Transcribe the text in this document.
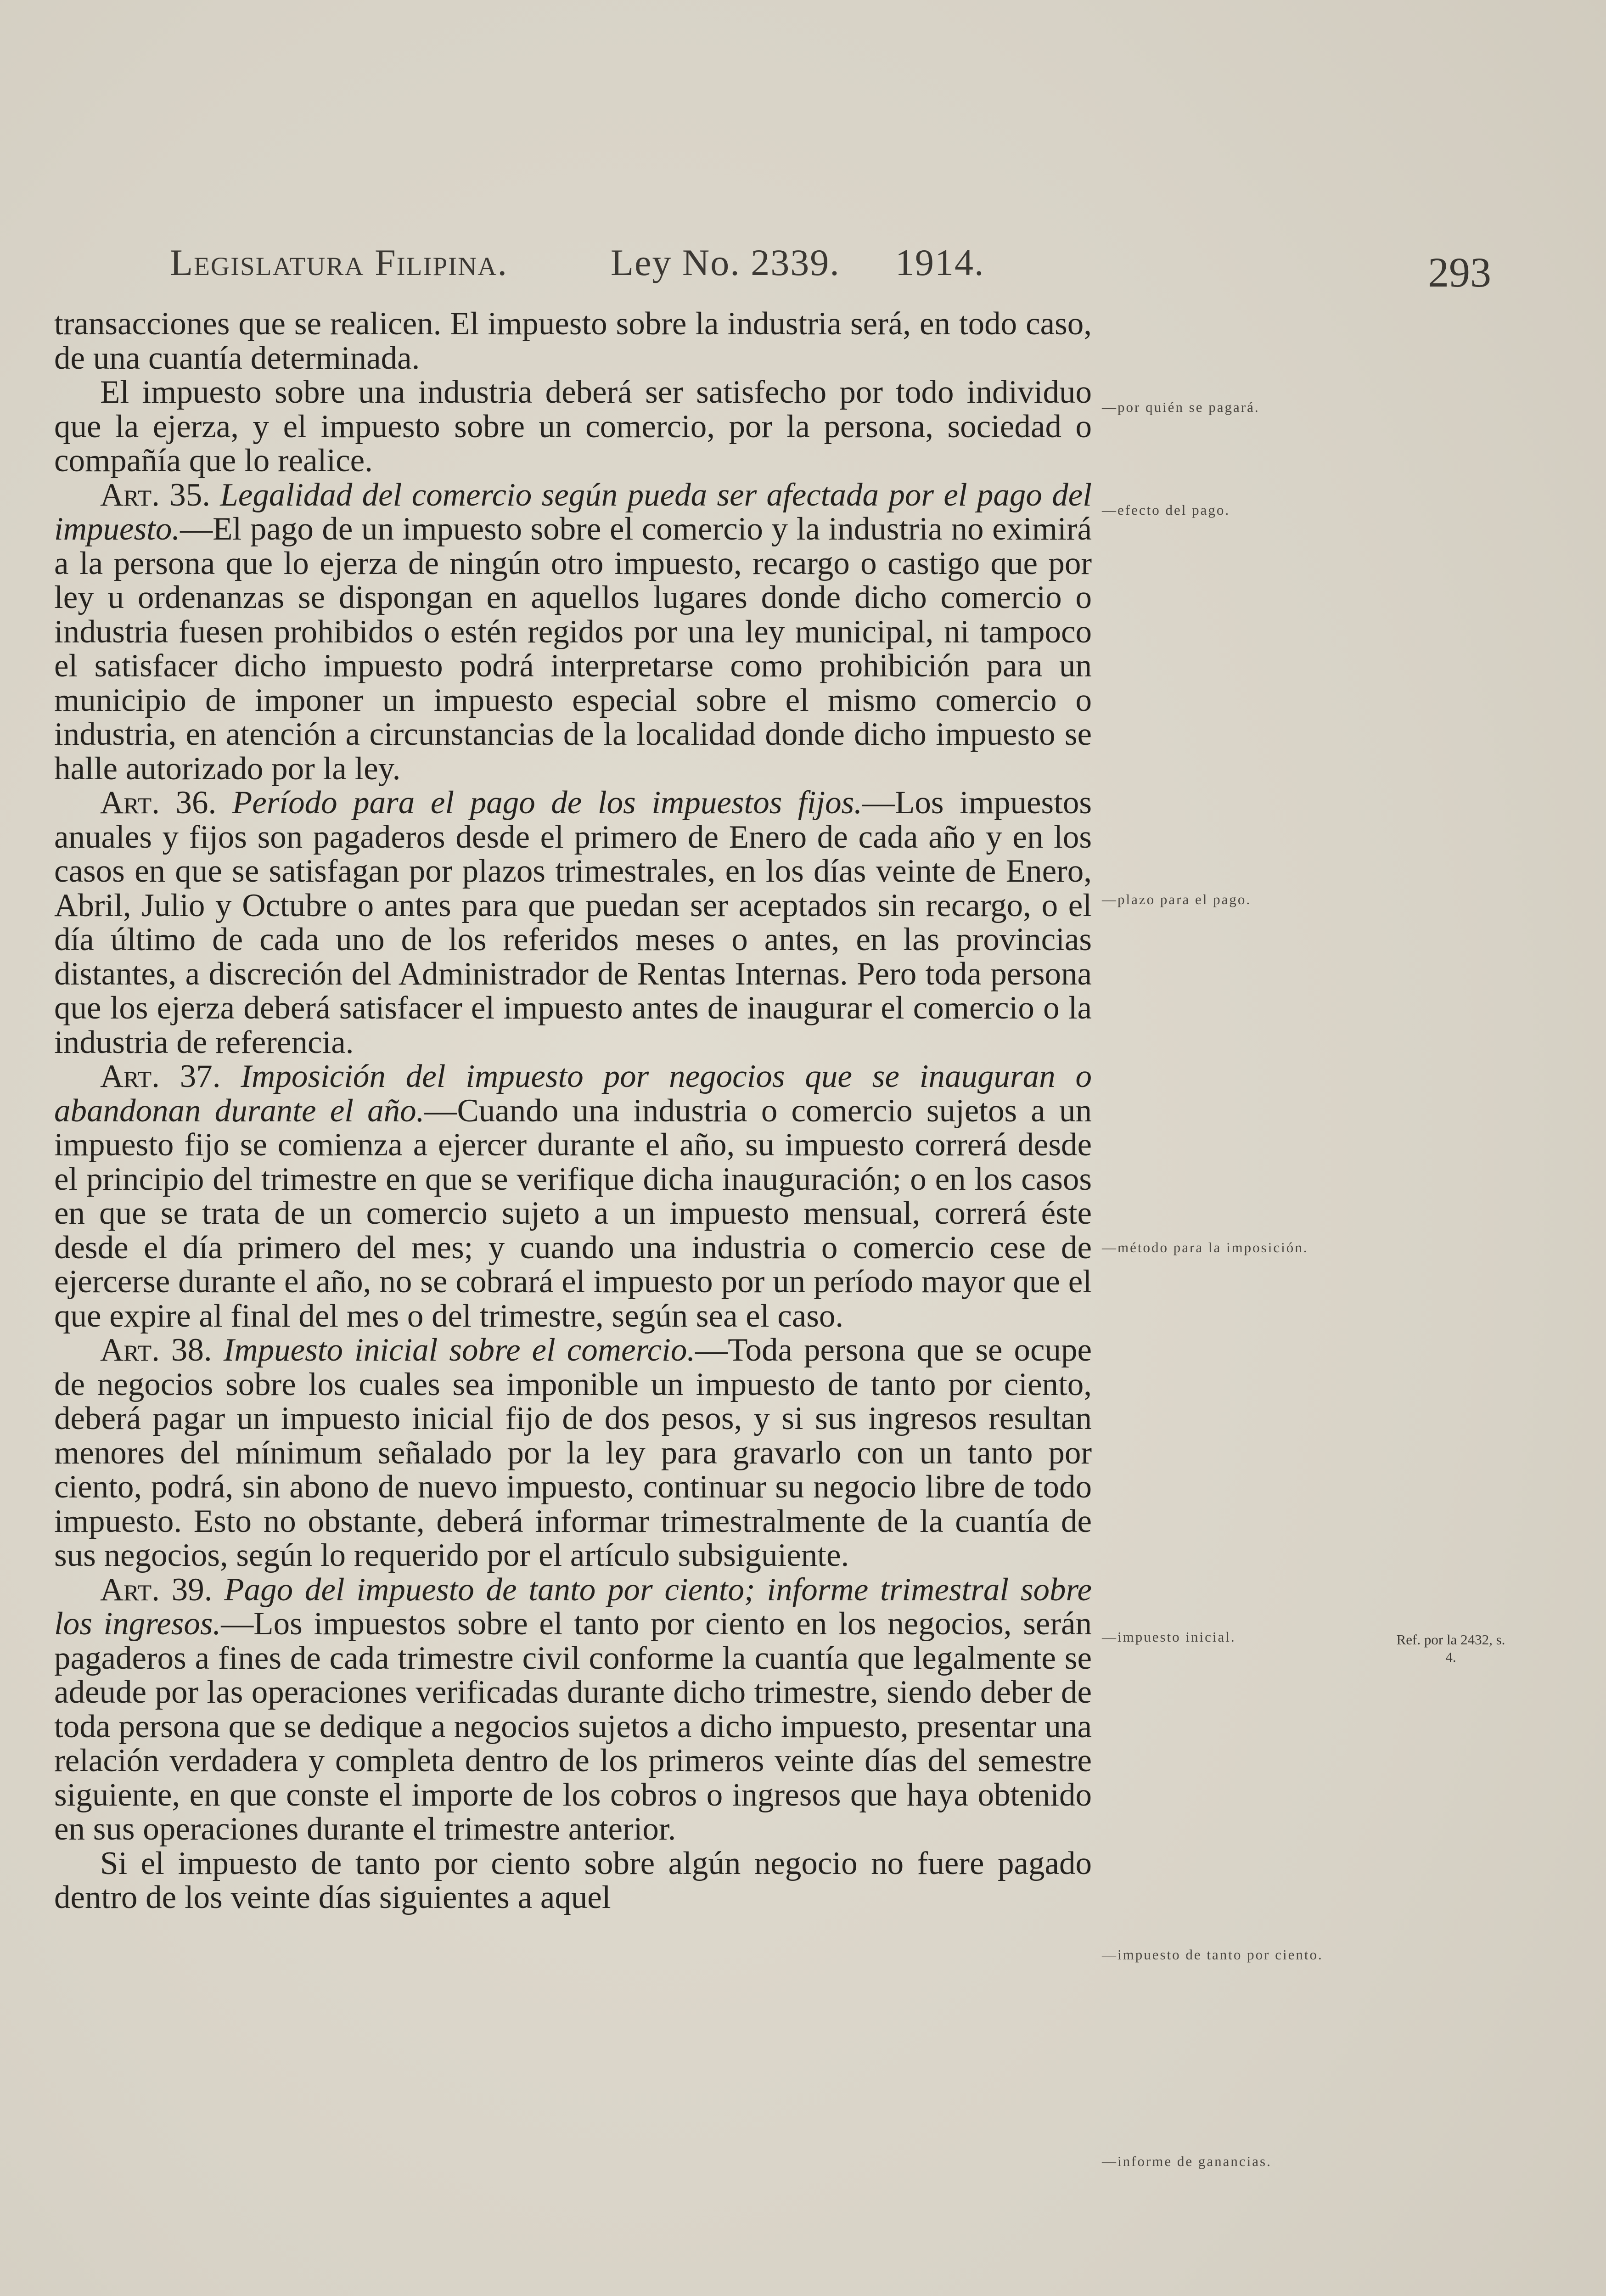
Legislatura Filipina.	Ley No. 2339. 1914.	293

transacciones que se realicen. El impuesto sobre la industria será, en todo caso, de una cuantía determinada.

El impuesto sobre una industria deberá ser satisfecho por todo individuo que la ejerza, y el impuesto sobre un comercio, por la persona, sociedad o compañía que lo realice.

Art. 35. Legalidad del comercio según pueda ser afectada por el pago del impuesto.—El pago de un impuesto sobre el comercio y la industria no eximirá a la persona que lo ejerza de ningún otro impuesto, recargo o castigo que por ley u ordenanzas se dispongan en aquellos lugares donde dicho comercio o industria fuesen prohibidos o estén regidos por una ley municipal, ni tampoco el satisfacer dicho impuesto podrá interpretarse como prohibición para un municipio de imponer un impuesto especial sobre el mismo comercio o industria, en atención a circunstancias de la localidad donde dicho impuesto se halle autorizado por la ley.

Art. 36. Período para el pago de los impuestos fijos.—Los impuestos anuales y fijos son pagaderos desde el primero de Enero de cada año y en los casos en que se satisfagan por plazos trimestrales, en los días veinte de Enero, Abril, Julio y Octubre o antes para que puedan ser aceptados sin recargo, o el día último de cada uno de los referidos meses o antes, en las provincias distantes, a discreción del Administrador de Rentas Internas. Pero toda persona que los ejerza deberá satisfacer el impuesto antes de inaugurar el comercio o la industria de referencia.

Art. 37. Imposición del impuesto por negocios que se inauguran o abandonan durante el año.—Cuando una industria o comercio sujetos a un impuesto fijo se comienza a ejercer durante el año, su impuesto correrá desde el principio del trimestre en que se verifique dicha inauguración; o en los casos en que se trata de un comercio sujeto a un impuesto mensual, correrá éste desde el día primero del mes; y cuando una industria o comercio cese de ejercerse durante el año, no se cobrará el impuesto por un período mayor que el que expire al final del mes o del trimestre, según sea el caso.

Art. 38. Impuesto inicial sobre el comercio.—Toda persona que se ocupe de negocios sobre los cuales sea imponible un impuesto de tanto por ciento, deberá pagar un impuesto inicial fijo de dos pesos, y si sus ingresos resultan menores del mínimum señalado por la ley para gravarlo con un tanto por ciento, podrá, sin abono de nuevo impuesto, continuar su negocio libre de todo impuesto. Esto no obstante, deberá informar trimestralmente de la cuantía de sus negocios, según lo requerido por el artículo subsiguiente.

Art. 39. Pago del impuesto de tanto por ciento; informe trimestral sobre los ingresos.—Los impuestos sobre el tanto por ciento en los negocios, serán pagaderos a fines de cada trimestre civil conforme la cuantía que legalmente se adeude por las operaciones verificadas durante dicho trimestre, siendo deber de toda persona que se dedique a negocios sujetos a dicho impuesto, presentar una relación verdadera y completa dentro de los primeros veinte días del semestre siguiente, en que conste el importe de los cobros o ingresos que haya obtenido en sus operaciones durante el trimestre anterior.

Si el impuesto de tanto por ciento sobre algún negocio no fuere pagado dentro de los veinte días siguientes a aquel

—por quién se pagará.
—efecto del pago.
—plazo para el pago.
—método para la imposición.
—impuesto inicial.	Ref. por la 2432, s. 4.
—impuesto de tanto por ciento.
—informe de ganancias.
